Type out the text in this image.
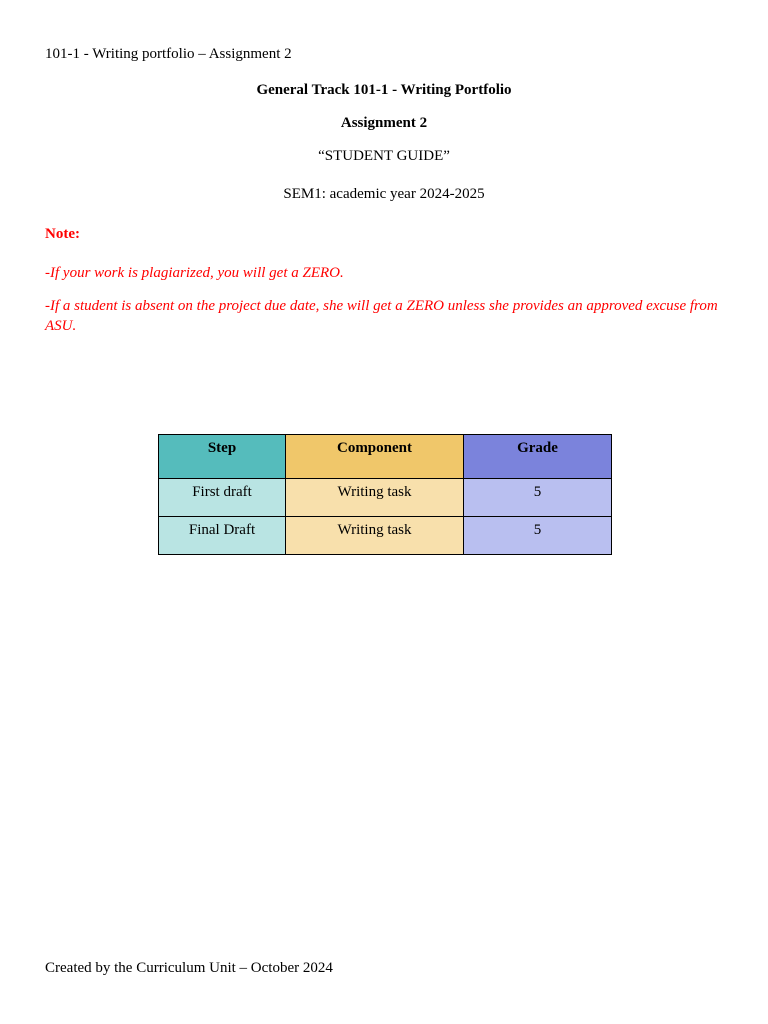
101-1 - Writing portfolio – Assignment 2
General Track 101-1 - Writing Portfolio
Assignment 2
“STUDENT GUIDE”
SEM1: academic year 2024-2025
Note:
-If your work is plagiarized, you will get a ZERO.
-If a student is absent on the project due date, she will get a ZERO unless she provides an approved excuse from ASU.
Step	Component	Grade
First draft	Writing task	5
Final Draft	Writing task	5
Created by the Curriculum Unit – October 2024
